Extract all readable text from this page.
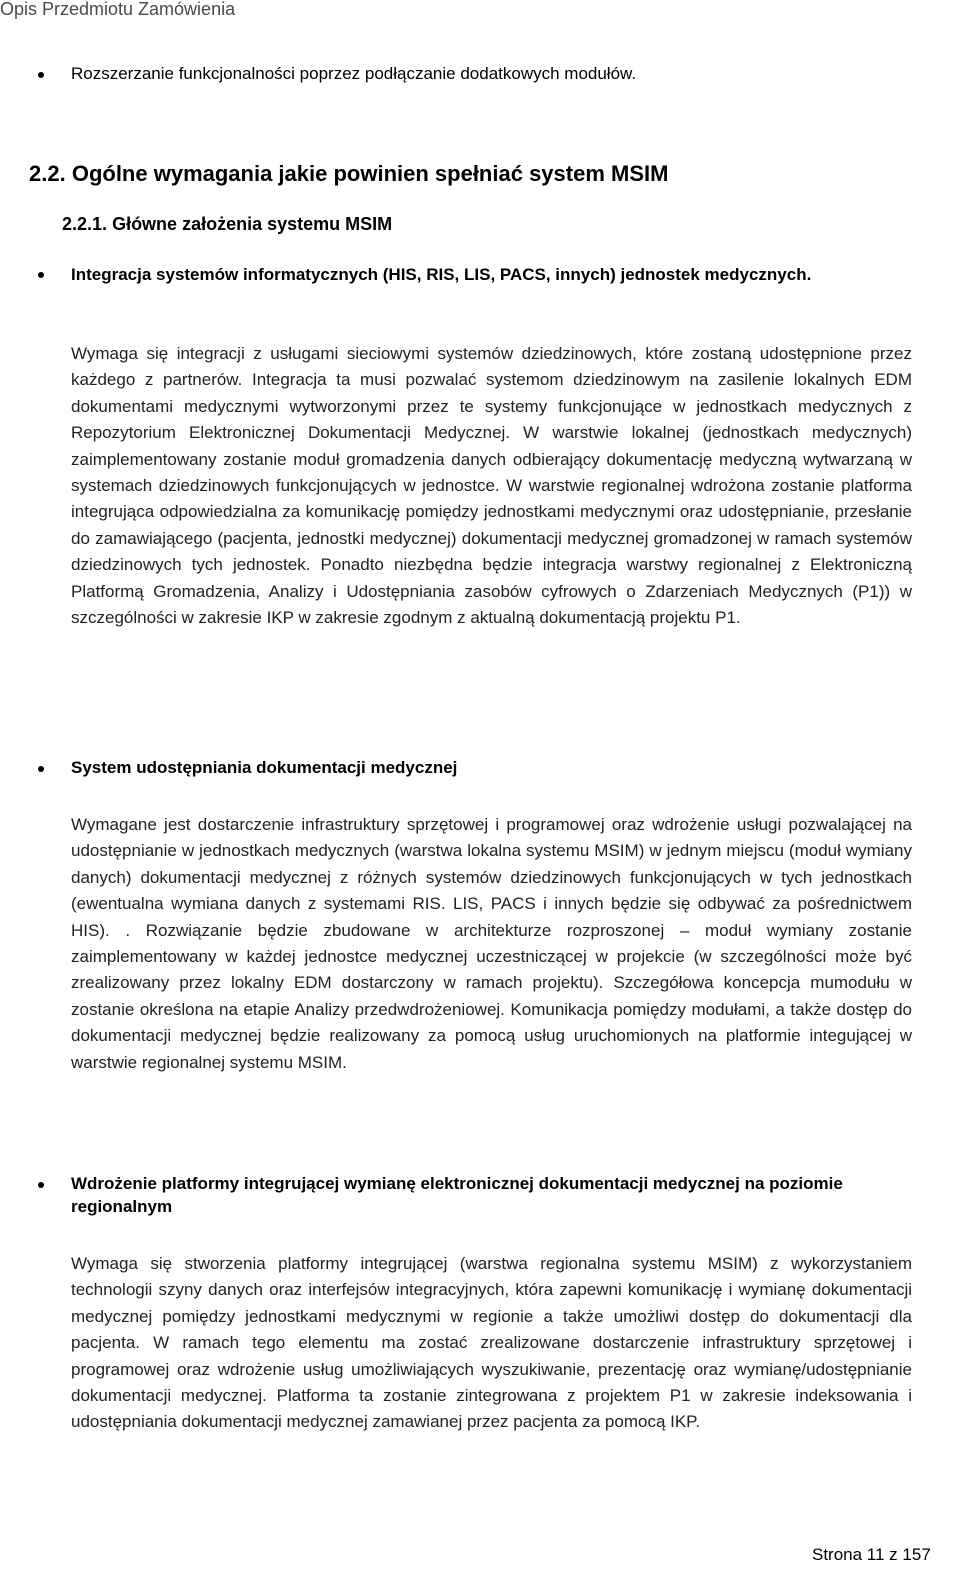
Opis Przedmiotu Zamówienia
Rozszerzanie funkcjonalności poprzez podłączanie dodatkowych modułów.
2.2. Ogólne wymagania jakie powinien spełniać system MSIM
2.2.1. Główne założenia systemu MSIM
Integracja systemów informatycznych (HIS, RIS, LIS, PACS, innych) jednostek medycznych.
Wymaga się integracji z usługami sieciowymi systemów dziedzinowych, które zostaną udostępnione przez każdego z partnerów. Integracja ta musi pozwalać systemom dziedzinowym na zasilenie lokalnych EDM dokumentami medycznymi wytworzonymi przez te systemy funkcjonujące w jednostkach medycznych z Repozytorium Elektronicznej Dokumentacji Medycznej. W warstwie lokalnej (jednostkach medycznych) zaimplementowany zostanie moduł gromadzenia danych odbierający dokumentację medyczną wytwarzaną w systemach dziedzinowych funkcjonujących w jednostce. W warstwie regionalnej wdrożona zostanie platforma integrująca odpowiedzialna za komunikację pomiędzy jednostkami medycznymi oraz udostępnianie, przesłanie do zamawiającego (pacjenta, jednostki medycznej) dokumentacji medycznej gromadzonej w ramach systemów dziedzinowych tych jednostek. Ponadto niezbędna będzie integracja warstwy regionalnej z Elektroniczną Platformą Gromadzenia, Analizy i Udostępniania zasobów cyfrowych o Zdarzeniach Medycznych (P1)) w szczególności w zakresie IKP w zakresie zgodnym z aktualną dokumentacją projektu P1.
System udostępniania dokumentacji medycznej
Wymagane jest dostarczenie infrastruktury sprzętowej i programowej oraz wdrożenie usługi pozwalającej na udostępnianie w jednostkach medycznych (warstwa lokalna systemu MSIM) w jednym miejscu (moduł wymiany danych) dokumentacji medycznej z różnych systemów dziedzinowych funkcjonujących w tych jednostkach (ewentualna wymiana danych z systemami RIS. LIS, PACS i innych będzie się odbywać za pośrednictwem HIS). . Rozwiązanie będzie zbudowane w architekturze rozproszonej – moduł wymiany zostanie zaimplementowany w każdej jednostce medycznej uczestniczącej w projekcie (w szczególności może być zrealizowany przez lokalny EDM dostarczony w ramach projektu). Szczegółowa koncepcja mumodułu w zostanie określona na etapie Analizy przedwdrożeniowej. Komunikacja pomiędzy modułami, a także dostęp do dokumentacji medycznej będzie realizowany za pomocą usług uruchomionych na platformie integującej w warstwie regionalnej systemu MSIM.
Wdrożenie platformy integrującej wymianę elektronicznej dokumentacji medycznej na poziomie regionalnym
Wymaga się stworzenia platformy integrującej (warstwa regionalna systemu MSIM) z wykorzystaniem technologii szyny danych oraz interfejsów integracyjnych, która zapewni komunikację i wymianę dokumentacji medycznej pomiędzy jednostkami medycznymi w regionie a także umożliwi dostęp do dokumentacji dla pacjenta. W ramach tego elementu ma zostać zrealizowane dostarczenie infrastruktury sprzętowej i programowej oraz wdrożenie usług umożliwiających wyszukiwanie, prezentację oraz wymianę/udostępnianie dokumentacji medycznej. Platforma ta zostanie zintegrowana z projektem P1 w zakresie indeksowania i udostępniania dokumentacji medycznej zamawianej przez pacjenta za pomocą IKP.
Strona 11 z 157
